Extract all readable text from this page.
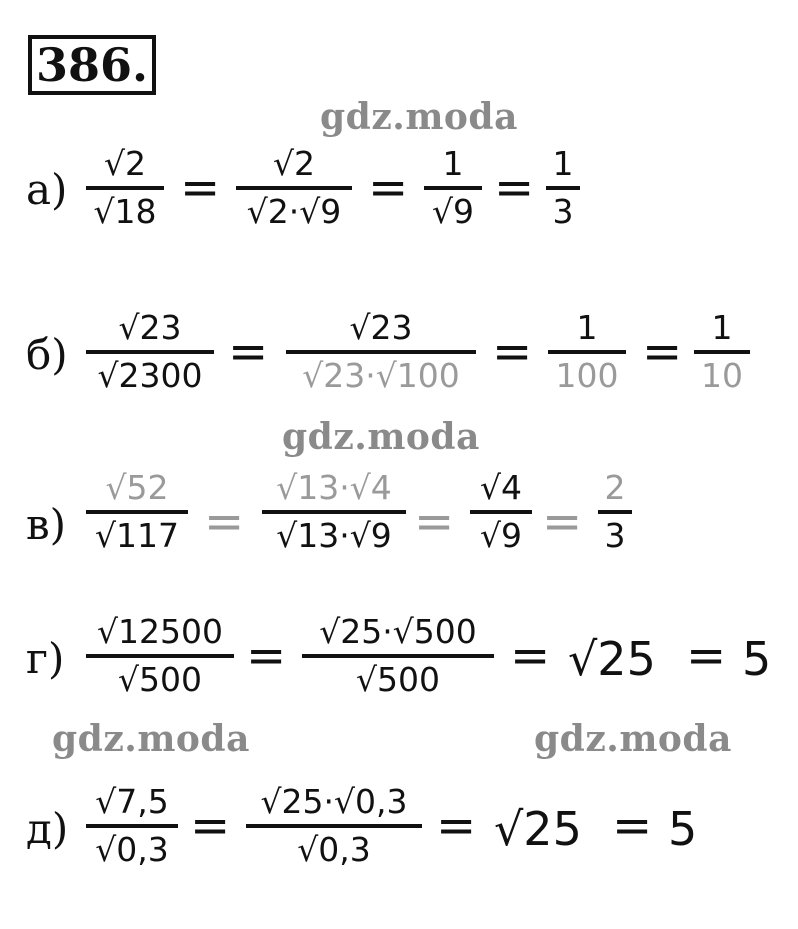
386.
gdz.moda
gdz.moda
gdz.moda	gdz.moda
$а) \frac{√2}{√18} = \frac{√2}{√2\cdot√9} = \frac{1}{√9} = \frac{1}{3}$
$б) \frac{√23}{√2300} = \frac{√23}{√23\cdot√100} = \frac{1}{100} = \frac{1}{10}$
$в) \frac{√52}{√117} = \frac{√13\cdot√4}{√13\cdot√9} = \frac{√4}{√9} = \frac{2}{3}$
$г) \frac{√12500}{√500} = \frac{√25\cdot√500}{√500} = √25 = 5$
$д) \frac{√7,5}{√0,3} = \frac{√25\cdot√0,3}{√0,3} = √25 = 5$
